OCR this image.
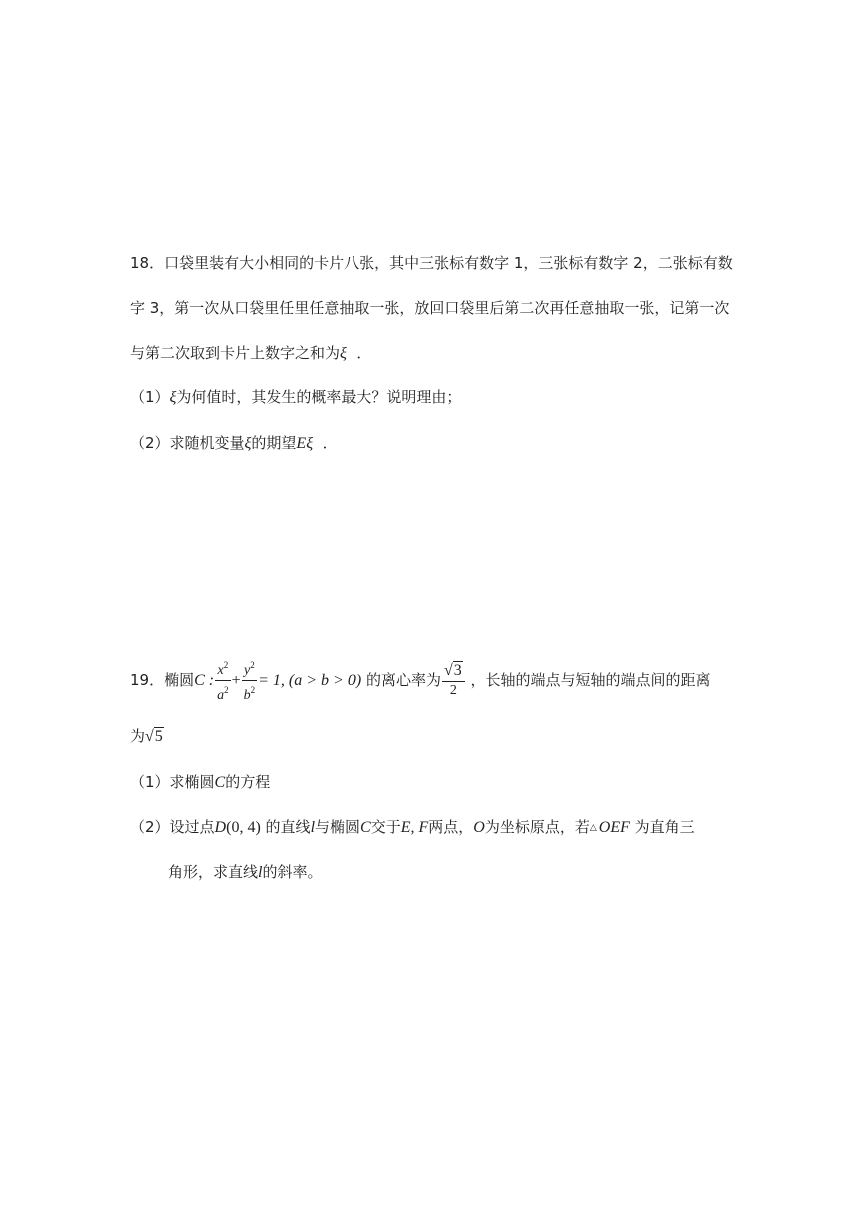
18．口袋里装有大小相同的卡片八张，其中三张标有数字 1，三张标有数字 2，二张标有数
字 3，第一次从口袋里任里任意抽取一张，放回口袋里后第二次再任意抽取一张，记第一次
与第二次取到卡片上数字之和为ξ ．
（1）ξ为何值时，其发生的概率最大？说明理由；
（2）求随机变量ξ的期望Eξ ．
19．椭圆C : $\frac{x^2}{a^2} + \frac{y^2}{b^2} = 1$, (a > b > 0) 的离心率为 $\frac{√3}{2}$ ，长轴的端点与短轴的端点间的距离
为√5
（1）求椭圆C的方程
（2）设过点D(0, 4) 的直线l与椭圆C交于E, F两点，O为坐标原点，若△ OEF 为直角三
角形，求直线l的斜率。
